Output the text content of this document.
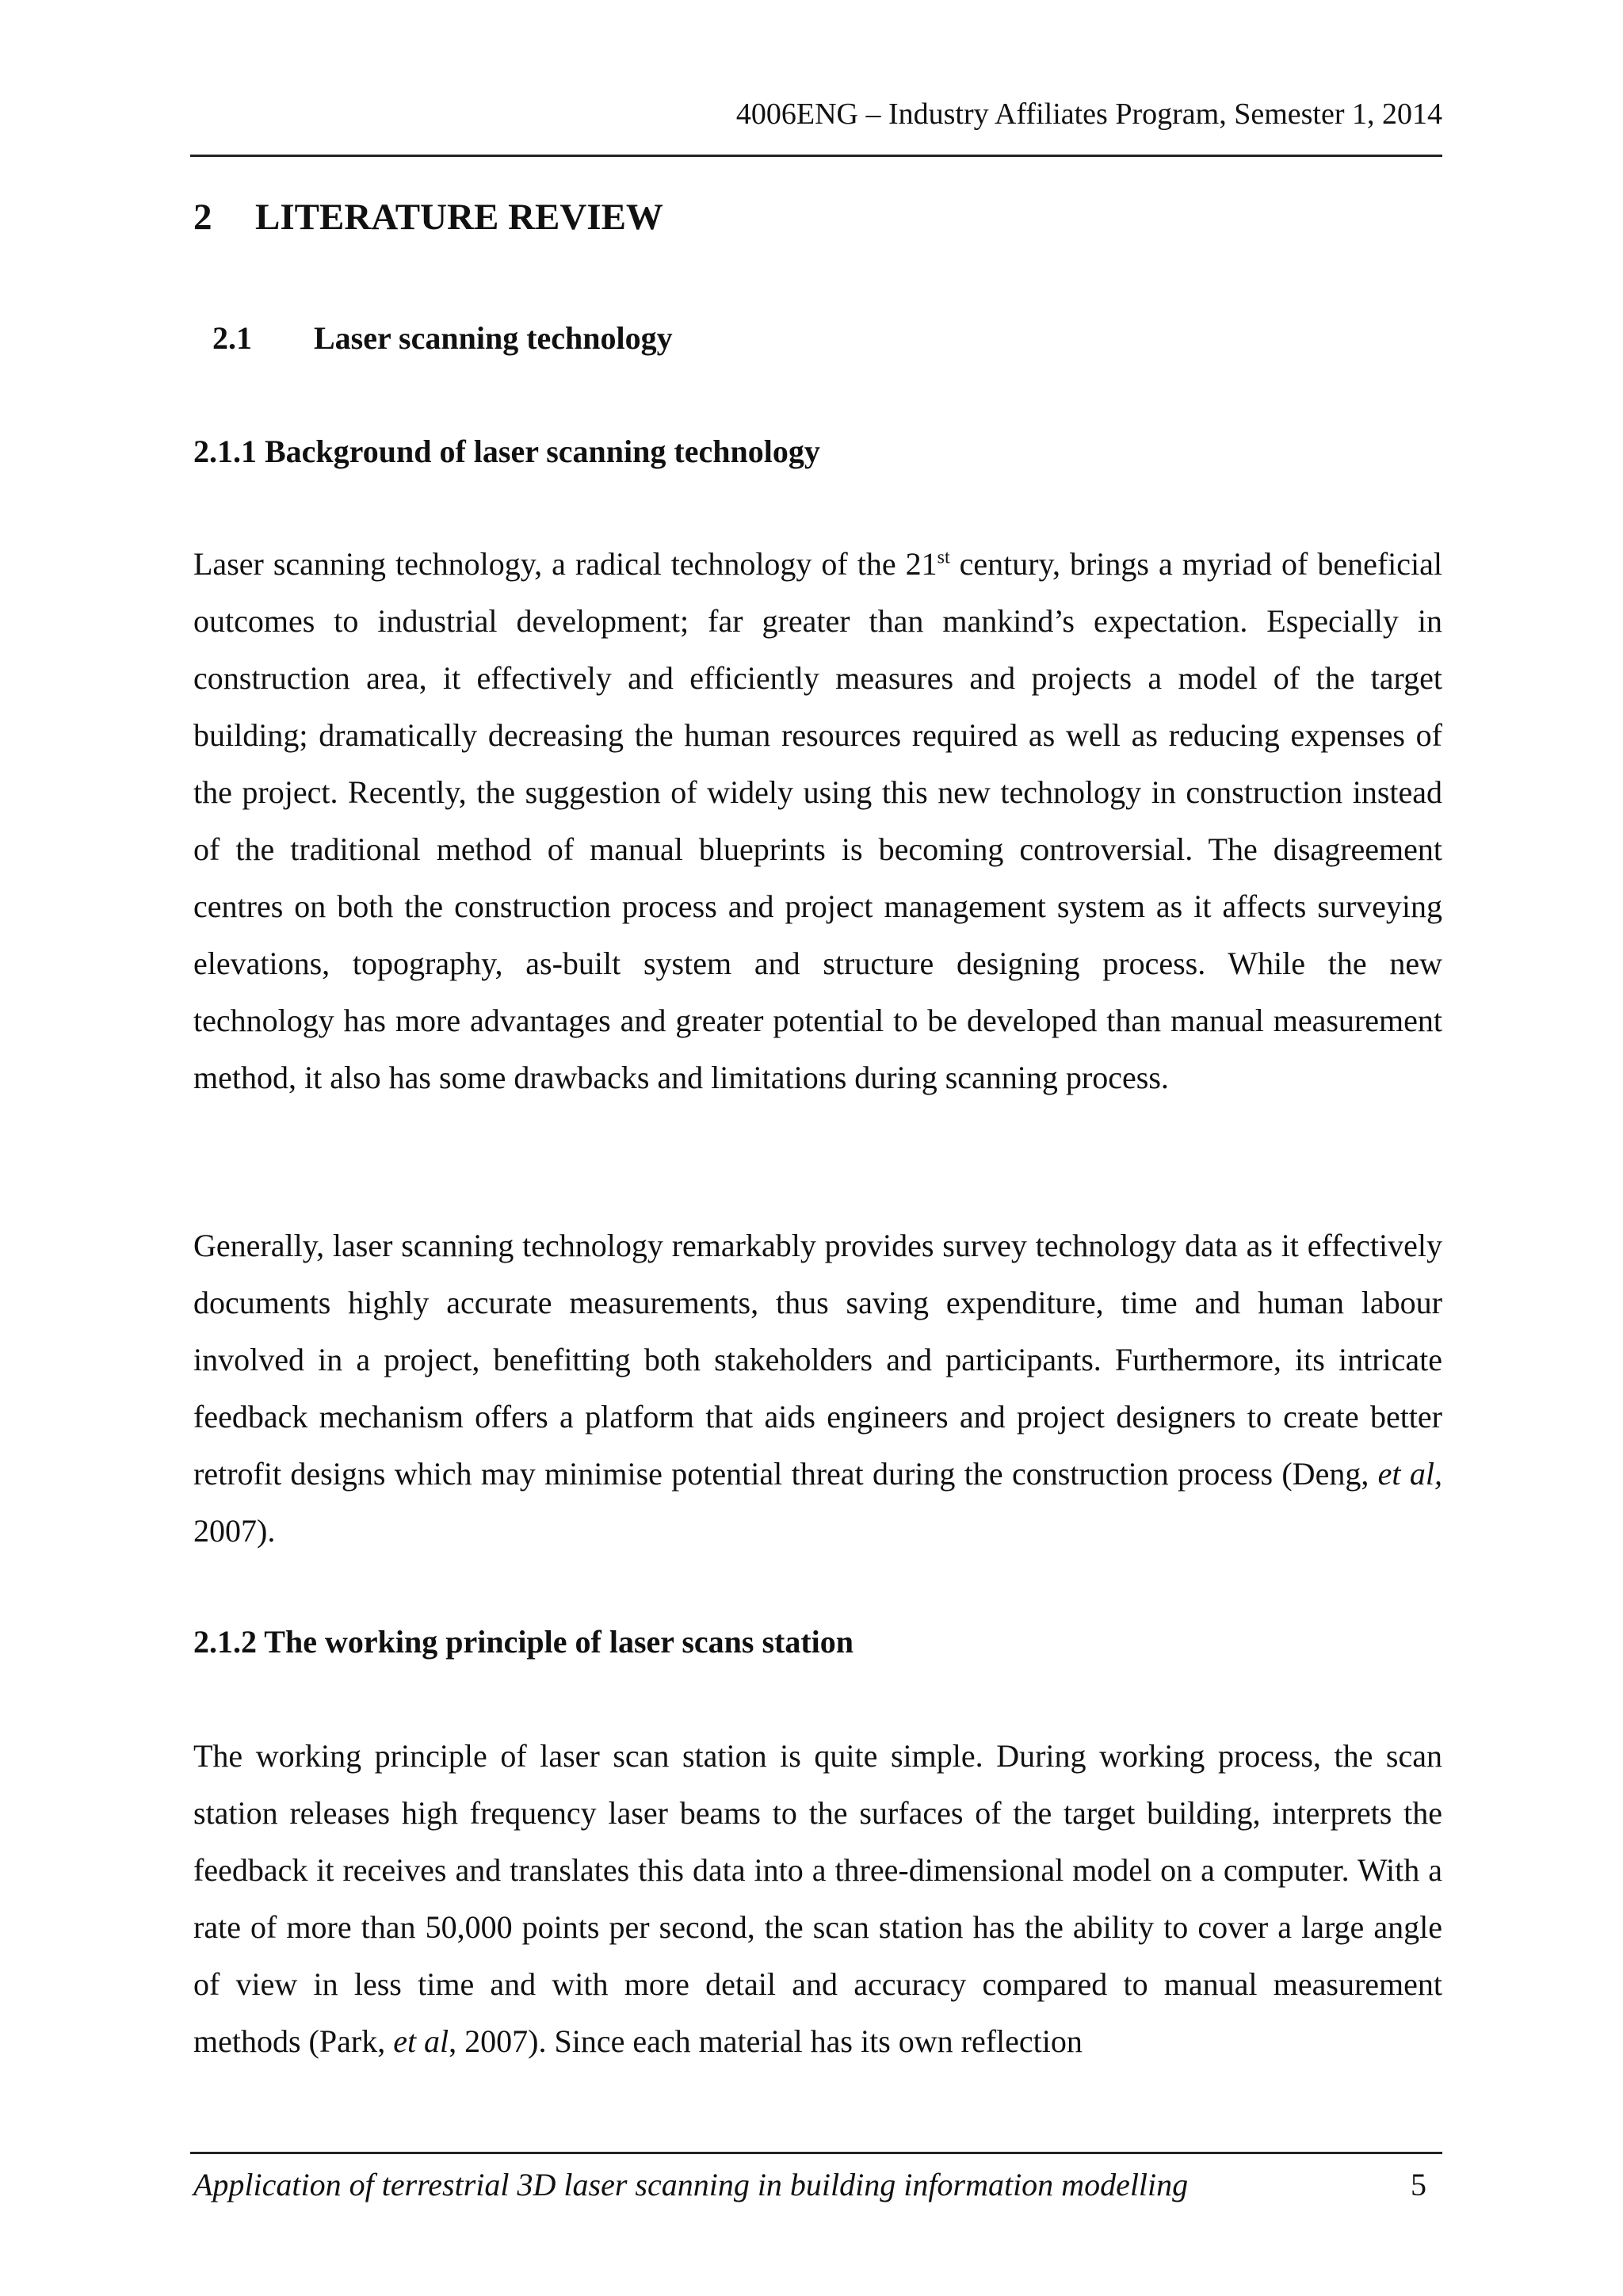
4006ENG – Industry Affiliates Program, Semester 1, 2014
2 LITERATURE REVIEW
2.1 Laser scanning technology
2.1.1 Background of laser scanning technology

Laser scanning technology, a radical technology of the 21st century, brings a myriad of beneficial outcomes to industrial development; far greater than mankind’s expectation. Especially in construction area, it effectively and efficiently measures and projects a model of the target building; dramatically decreasing the human resources required as well as reducing expenses of the project. Recently, the suggestion of widely using this new technology in construction instead of the traditional method of manual blueprints is becoming controversial. The disagreement centres on both the construction process and project management system as it affects surveying elevations, topography, as-built system and structure designing process. While the new technology has more advantages and greater potential to be developed than manual measurement method, it also has some drawbacks and limitations during scanning process.

Generally, laser scanning technology remarkably provides survey technology data as it effectively documents highly accurate measurements, thus saving expenditure, time and human labour involved in a project, benefitting both stakeholders and participants. Furthermore, its intricate feedback mechanism offers a platform that aids engineers and project designers to create better retrofit designs which may minimise potential threat during the construction process (Deng, et al, 2007).

2.1.2 The working principle of laser scans station

The working principle of laser scan station is quite simple. During working process, the scan station releases high frequency laser beams to the surfaces of the target building, interprets the feedback it receives and translates this data into a three-dimensional model on a computer. With a rate of more than 50,000 points per second, the scan station has the ability to cover a large angle of view in less time and with more detail and accuracy compared to manual measurement methods (Park, et al, 2007). Since each material has its own reflection

Application of terrestrial 3D laser scanning in building information modelling	5
